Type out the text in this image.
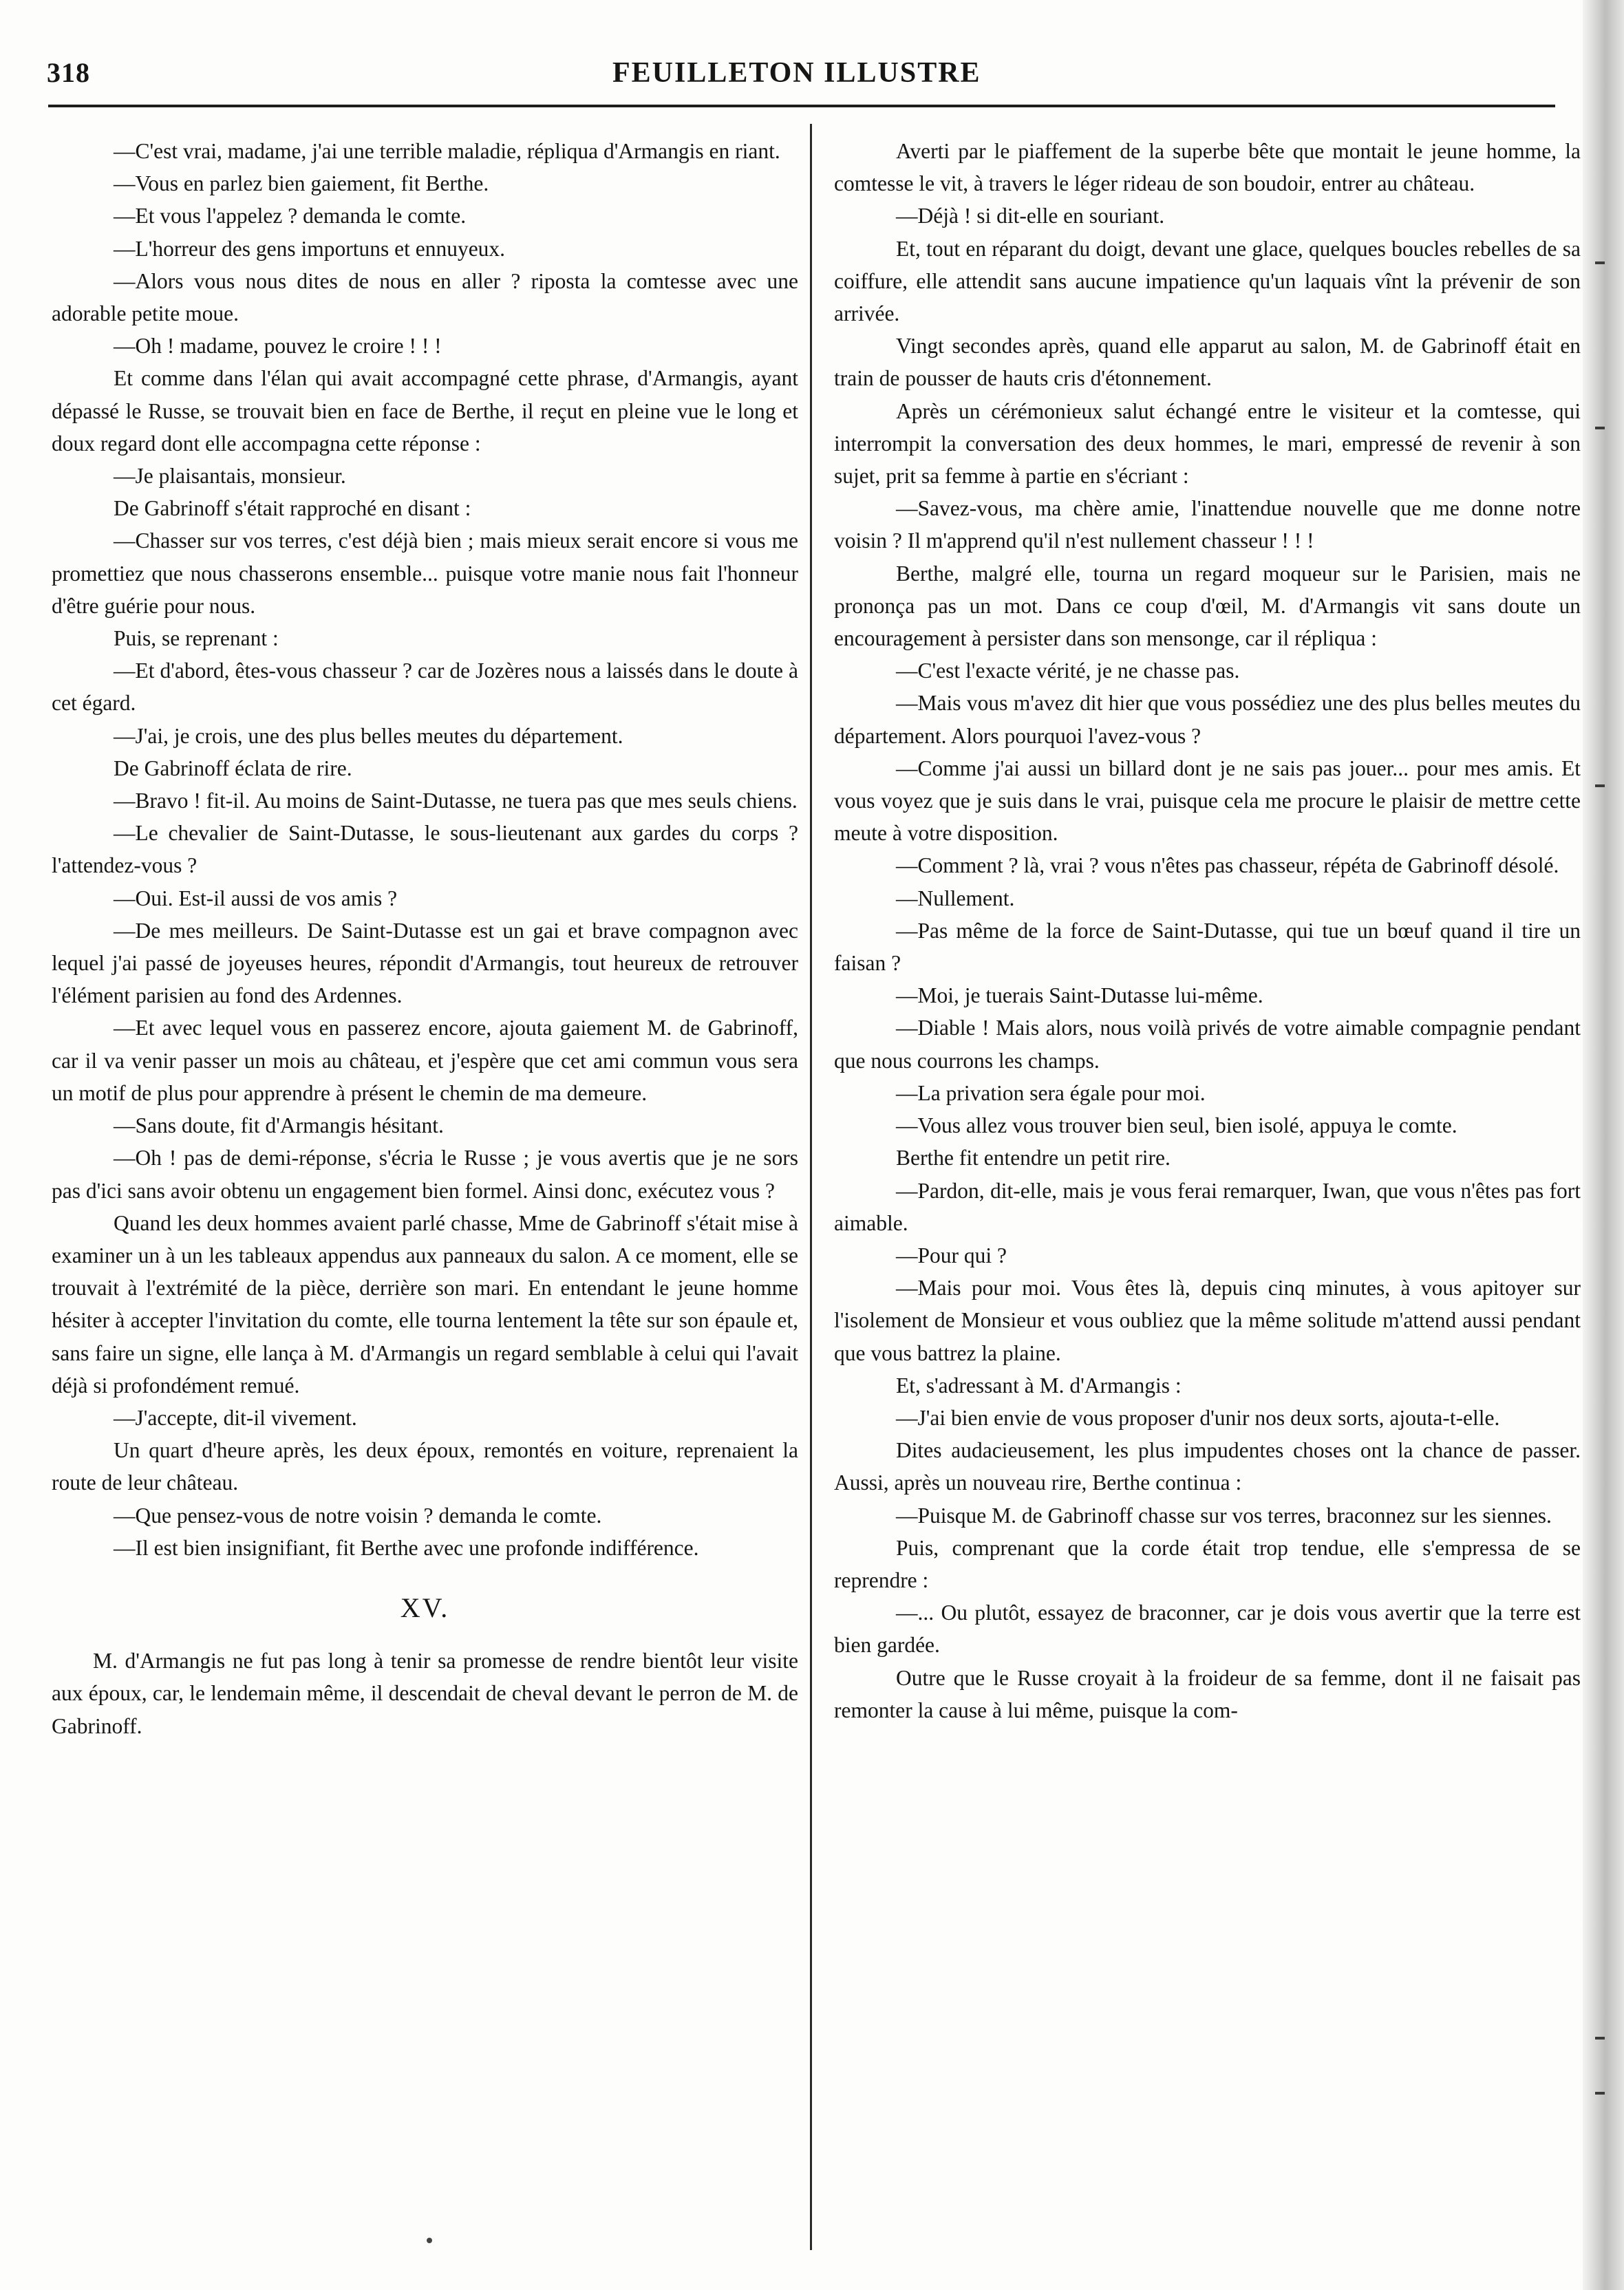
318	FEUILLETON ILLUSTRE

—C'est vrai, madame, j'ai une terrible maladie, répliqua d'Armangis en riant.

—Vous en parlez bien gaiement, fit Berthe.

—Et vous l'appelez ? demanda le comte.

—L'horreur des gens importuns et ennuyeux.

—Alors vous nous dites de nous en aller ? riposta la comtesse avec une adorable petite moue.

—Oh ! madame, pouvez le croire ! ! !

Et comme dans l'élan qui avait accompagné cette phrase, d'Armangis, ayant dépassé le Russe, se trouvait bien en face de Berthe, il reçut en pleine vue le long et doux regard dont elle accompagna cette réponse :

—Je plaisantais, monsieur.

De Gabrinoff s'était rapproché en disant :

—Chasser sur vos terres, c'est déjà bien ; mais mieux serait encore si vous me promettiez que nous chasserons ensemble... puisque votre manie nous fait l'honneur d'être guérie pour nous.

Puis, se reprenant :

—Et d'abord, êtes-vous chasseur ? car de Jozères nous a laissés dans le doute à cet égard.

—J'ai, je crois, une des plus belles meutes du département.

De Gabrinoff éclata de rire.

—Bravo ! fit-il. Au moins de Saint-Dutasse, ne tuera pas que mes seuls chiens.

—Le chevalier de Saint-Dutasse, le sous-lieutenant aux gardes du corps ? l'attendez-vous ?

—Oui. Est-il aussi de vos amis ?

—De mes meilleurs. De Saint-Dutasse est un gai et brave compagnon avec lequel j'ai passé de joyeuses heures, répondit d'Armangis, tout heureux de retrouver l'élément parisien au fond des Ardennes.

—Et avec lequel vous en passerez encore, ajouta gaiement M. de Gabrinoff, car il va venir passer un mois au château, et j'espère que cet ami commun vous sera un motif de plus pour apprendre à présent le chemin de ma demeure.

—Sans doute, fit d'Armangis hésitant.

—Oh ! pas de demi-réponse, s'écria le Russe ; je vous avertis que je ne sors pas d'ici sans avoir obtenu un engagement bien formel. Ainsi donc, exécutez vous ?

Quand les deux hommes avaient parlé chasse, Mme de Gabrinoff s'était mise à examiner un à un les tableaux appendus aux panneaux du salon. A ce moment, elle se trouvait à l'extrémité de la pièce, derrière son mari. En entendant le jeune homme hésiter à accepter l'invitation du comte, elle tourna lentement la tête sur son épaule et, sans faire un signe, elle lança à M. d'Armangis un regard semblable à celui qui l'avait déjà si profondément remué.

—J'accepte, dit-il vivement.

Un quart d'heure après, les deux époux, remontés en voiture, reprenaient la route de leur château.

—Que pensez-vous de notre voisin ? demanda le comte.

—Il est bien insignifiant, fit Berthe avec une profonde indifférence.

XV.

M. d'Armangis ne fut pas long à tenir sa promesse de rendre bientôt leur visite aux époux, car, le lendemain même, il descendait de cheval devant le perron de M. de Gabrinoff.

Averti par le piaffement de la superbe bête que montait le jeune homme, la comtesse le vit, à travers le léger rideau de son boudoir, entrer au château.

—Déjà ! si dit-elle en souriant.

Et, tout en réparant du doigt, devant une glace, quelques boucles rebelles de sa coiffure, elle attendit sans aucune impatience qu'un laquais vînt la prévenir de son arrivée.

Vingt secondes après, quand elle apparut au salon, M. de Gabrinoff était en train de pousser de hauts cris d'étonnement.

Après un cérémonieux salut échangé entre le visiteur et la comtesse, qui interrompit la conversation des deux hommes, le mari, empressé de revenir à son sujet, prit sa femme à partie en s'écriant :

—Savez-vous, ma chère amie, l'inattendue nouvelle que me donne notre voisin ? Il m'apprend qu'il n'est nullement chasseur ! ! !

Berthe, malgré elle, tourna un regard moqueur sur le Parisien, mais ne prononça pas un mot. Dans ce coup d'œil, M. d'Armangis vit sans doute un encouragement à persister dans son mensonge, car il répliqua :

—C'est l'exacte vérité, je ne chasse pas.

—Mais vous m'avez dit hier que vous possédiez une des plus belles meutes du département. Alors pourquoi l'avez-vous ?

—Comme j'ai aussi un billard dont je ne sais pas jouer... pour mes amis. Et vous voyez que je suis dans le vrai, puisque cela me procure le plaisir de mettre cette meute à votre disposition.

—Comment ? là, vrai ? vous n'êtes pas chasseur, répéta de Gabrinoff désolé.

—Nullement.

—Pas même de la force de Saint-Dutasse, qui tue un bœuf quand il tire un faisan ?

—Moi, je tuerais Saint-Dutasse lui-même.

—Diable ! Mais alors, nous voilà privés de votre aimable compagnie pendant que nous courrons les champs.

—La privation sera égale pour moi.

—Vous allez vous trouver bien seul, bien isolé, appuya le comte.

Berthe fit entendre un petit rire.

—Pardon, dit-elle, mais je vous ferai remarquer, Iwan, que vous n'êtes pas fort aimable.

—Pour qui ?

—Mais pour moi. Vous êtes là, depuis cinq minutes, à vous apitoyer sur l'isolement de Monsieur et vous oubliez que la même solitude m'attend aussi pendant que vous battrez la plaine.

Et, s'adressant à M. d'Armangis :

—J'ai bien envie de vous proposer d'unir nos deux sorts, ajouta-t-elle.

Dites audacieusement, les plus impudentes choses ont la chance de passer. Aussi, après un nouveau rire, Berthe continua :

—Puisque M. de Gabrinoff chasse sur vos terres, braconnez sur les siennes.

Puis, comprenant que la corde était trop tendue, elle s'empressa de se reprendre :

—... Ou plutôt, essayez de braconner, car je dois vous avertir que la terre est bien gardée.

Outre que le Russe croyait à la froideur de sa femme, dont il ne faisait pas remonter la cause à lui même, puisque la com-
